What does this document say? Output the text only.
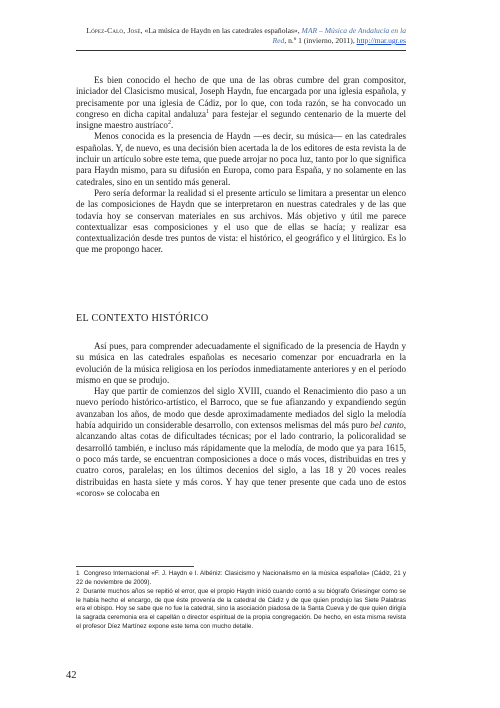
López-Calo, José, «La música de Haydn en las catedrales españolas», MAR – Música de Andalucía en la Red, n.º 1 (invierno, 2011), http://mar.ugr.es

Es bien conocido el hecho de que una de las obras cumbre del gran compositor, iniciador del Clasicismo musical, Joseph Haydn, fue encargada por una iglesia española, y precisamente por una iglesia de Cádiz, por lo que, con toda razón, se ha convocado un congreso en dicha capital andaluza$^1$ para festejar el segundo centenario de la muerte del insigne maestro austríaco$^2$.

Menos conocida es la presencia de Haydn —es decir, su música— en las catedrales españolas. Y, de nuevo, es una decisión bien acertada la de los editores de esta revista la de incluir un artículo sobre este tema, que puede arrojar no poca luz, tanto por lo que significa para Haydn mismo, para su difusión en Europa, como para España, y no solamente en las catedrales, sino en un sentido más general.

Pero sería deformar la realidad si el presente artículo se limitara a presentar un elenco de las composiciones de Haydn que se interpretaron en nuestras catedrales y de las que todavía hoy se conservan materiales en sus archivos. Más objetivo y útil me parece contextualizar esas composiciones y el uso que de ellas se hacía; y realizar esa contextualización desde tres puntos de vista: el histórico, el geográfico y el litúrgico. Es lo que me propongo hacer.

EL CONTEXTO HISTÓRICO

Así pues, para comprender adecuadamente el significado de la presencia de Haydn y su música en las catedrales españolas es necesario comenzar por encuadrarla en la evolución de la música religiosa en los períodos inmediatamente anteriores y en el período mismo en que se produjo.

Hay que partir de comienzos del siglo XVIII, cuando el Renacimiento dio paso a un nuevo período histórico-artístico, el Barroco, que se fue afianzando y expandiendo según avanzaban los años, de modo que desde aproximadamente mediados del siglo la melodía había adquirido un considerable desarrollo, con extensos melismas del más puro bel canto, alcanzando altas cotas de dificultades técnicas; por el lado contrario, la policoralidad se desarrolló también, e incluso más rápidamente que la melodía, de modo que ya para 1615, o poco más tarde, se encuentran composiciones a doce o más voces, distribuidas en tres y cuatro coros, paralelas; en los últimos decenios del siglo, a las 18 y 20 voces reales distribuidas en hasta siete y más coros. Y hay que tener presente que cada uno de estos «coros» se colocaba en

1 Congreso Internacional «F. J. Haydn e I. Albéniz: Clasicismo y Nacionalismo en la música española» (Cádiz, 21 y 22 de noviembre de 2009).

2 Durante muchos años se repitió el error, que el propio Haydn inició cuando contó a su biógrafo Griesinger como se le había hecho el encargo, de que éste provenía de la catedral de Cádiz y de que quien produjo las Siete Palabras era el obispo. Hoy se sabe que no fue la catedral, sino la asociación piadosa de la Santa Cueva y de que quien dirigía la sagrada ceremonia era el capellán o director espiritual de la propia congregación. De hecho, en esta misma revista el profesor Díez Martínez expone este tema con mucho detalle.

42
